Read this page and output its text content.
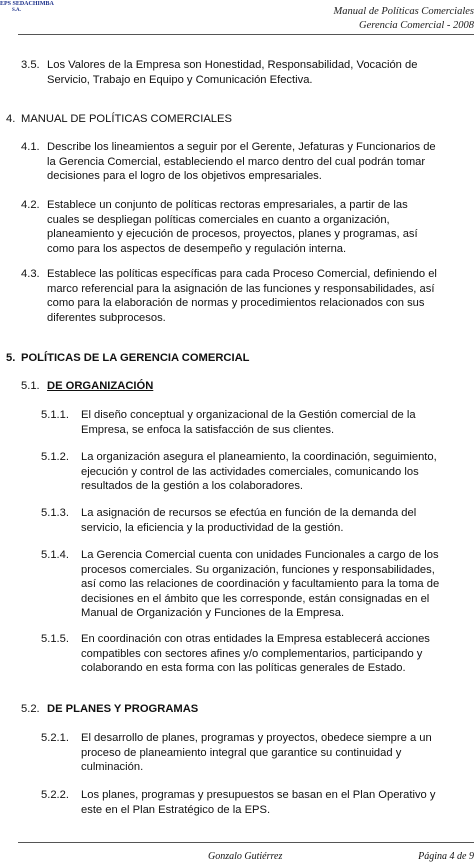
EPS SEDACHIMBA
S.A.	Manual de Políticas Comerciales
Gerencia Comercial - 2008
3.5. Los Valores de la Empresa son Honestidad, Responsabilidad, Vocación de
Servicio, Trabajo en Equipo y Comunicación Efectiva.
4. MANUAL DE POLÍTICAS COMERCIALES
4.1. Describe los lineamientos a seguir por el Gerente, Jefaturas y Funcionarios de
la Gerencia Comercial, estableciendo el marco dentro del cual podrán tomar
decisiones para el logro de los objetivos empresariales.
4.2. Establece un conjunto de políticas rectoras empresariales, a partir de las
cuales se despliegan políticas comerciales en cuanto a organización,
planeamiento y ejecución de procesos, proyectos, planes y programas, así
como para los aspectos de desempeño y regulación interna.
4.3. Establece las políticas específicas para cada Proceso Comercial, definiendo el
marco referencial para la asignación de las funciones y responsabilidades, así
como para la elaboración de normas y procedimientos relacionados con sus
diferentes subprocesos.
5. POLÍTICAS DE LA GERENCIA COMERCIAL
5.1. DE ORGANIZACIÓN
5.1.1. El diseño conceptual y organizacional de la Gestión comercial de la
Empresa, se enfoca la satisfacción de sus clientes.
5.1.2. La organización asegura el planeamiento, la coordinación, seguimiento,
ejecución y control de las actividades comerciales, comunicando los
resultados de la gestión a los colaboradores.
5.1.3. La asignación de recursos se efectúa en función de la demanda del
servicio, la eficiencia y la productividad de la gestión.
5.1.4. La Gerencia Comercial cuenta con unidades Funcionales a cargo de los
procesos comerciales. Su organización, funciones y responsabilidades,
así como las relaciones de coordinación y facultamiento para la toma de
decisiones en el ámbito que les corresponde, están consignadas en el
Manual de Organización y Funciones de la Empresa.
5.1.5. En coordinación con otras entidades la Empresa establecerá acciones
compatibles con sectores afines y/o complementarios, participando y
colaborando en esta forma con las políticas generales de Estado.
5.2. DE PLANES Y PROGRAMAS
5.2.1. El desarrollo de planes, programas y proyectos, obedece siempre a un
proceso de planeamiento integral que garantice su continuidad y
culminación.
5.2.2. Los planes, programas y presupuestos se basan en el Plan Operativo y
este en el Plan Estratégico de la EPS.
Gonzalo Gutiérrez	Página 4 de 9
